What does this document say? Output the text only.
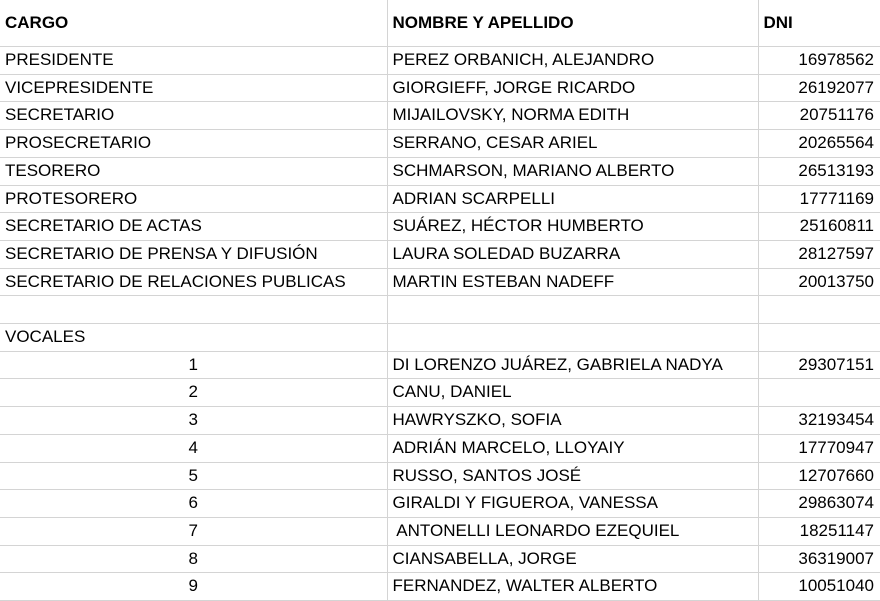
CARGO	NOMBRE Y APELLIDO	DNI
PRESIDENTE	PEREZ ORBANICH, ALEJANDRO	16978562
VICEPRESIDENTE	GIORGIEFF, JORGE RICARDO	26192077
SECRETARIO	MIJAILOVSKY, NORMA EDITH	20751176
PROSECRETARIO	SERRANO, CESAR ARIEL	20265564
TESORERO	SCHMARSON, MARIANO ALBERTO	26513193
PROTESORERO	ADRIAN SCARPELLI	17771169
SECRETARIO DE ACTAS	SUÁREZ, HÉCTOR HUMBERTO	25160811
SECRETARIO DE PRENSA Y DIFUSIÓN	LAURA SOLEDAD BUZARRA	28127597
SECRETARIO DE RELACIONES PUBLICAS	MARTIN ESTEBAN NADEFF	20013750

VOCALES		
1	DI LORENZO JUÁREZ, GABRIELA NADYA	29307151
2	CANU, DANIEL	
3	HAWRYSZKO, SOFIA	32193454
4	ADRIÁN MARCELO, LLOYAIY	17770947
5	RUSSO, SANTOS JOSÉ	12707660
6	GIRALDI Y FIGUEROA, VANESSA	29863074
7	ANTONELLI LEONARDO EZEQUIEL	18251147
8	CIANSABELLA, JORGE	36319007
9	FERNANDEZ, WALTER ALBERTO	10051040
